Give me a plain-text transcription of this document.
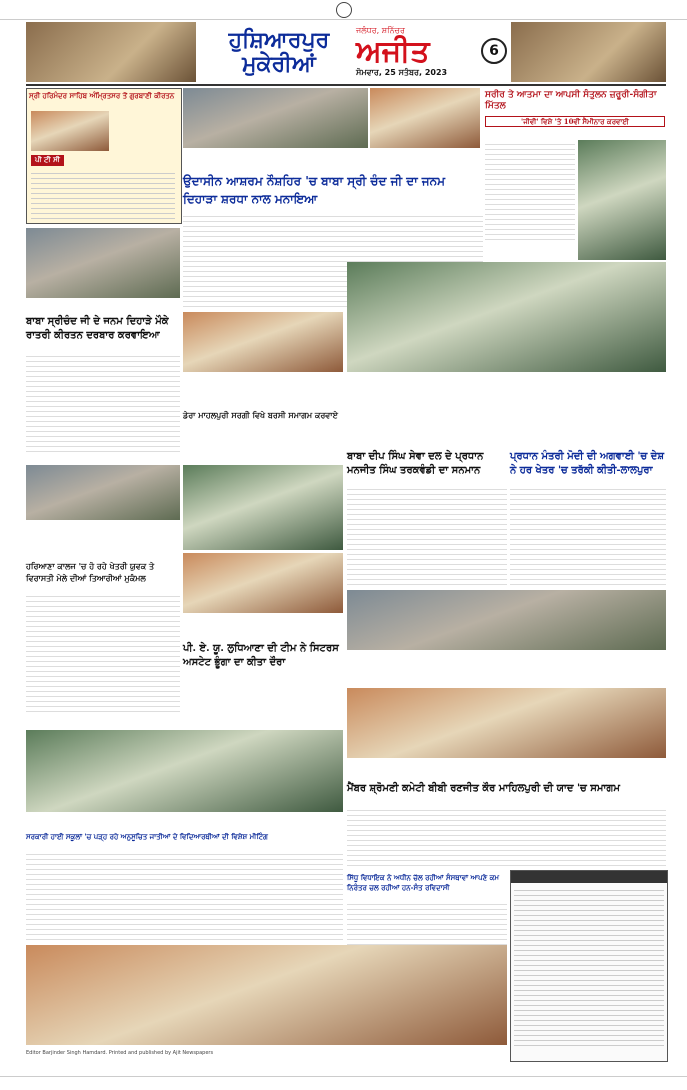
ਹੁਸ਼ਿਆਰਪੁਰ
ਮੁਕੇਰੀਆਂ
ਜਲੰਧਰ, ਸ਼ਨਿੱਚਰ
ਅਜੀਤ
ਸੋਮਵਾਰ, 25 ਸਤੰਬਰ, 2023
6
ਸ੍ਰੀ ਹਰਿਮੰਦਰ ਸਾਹਿਬ ਅੰਮ੍ਰਿਤਸਰ ਤੋਂ ਗੁਰਬਾਣੀ ਕੀਰਤਨ
ਪੀ ਟੀ ਸੀ
ਸਰੀਰ ਤੇ ਆਤਮਾ ਦਾ ਆਪਸੀ ਸੰਤੁਲਨ ਜ਼ਰੂਰੀ-ਸੰਗੀਤਾ ਮਿੱਤਲ
'ਜੀਵੀ' ਵਿਸ਼ੇ 'ਤੇ 10ਵੀਂ ਸੈਮੀਨਾਰ ਕਰਵਾਈ
ਉਦਾਸੀਨ ਆਸ਼ਰਮ ਨੌਸ਼ਹਿਰ 'ਚ ਬਾਬਾ ਸ੍ਰੀ ਚੰਦ ਜੀ ਦਾ ਜਨਮ ਦਿਹਾੜਾ ਸ਼ਰਧਾ ਨਾਲ ਮਨਾਇਆ
ਬਾਬਾ ਸ੍ਰੀਚੰਦ ਜੀ ਦੇ ਜਨਮ ਦਿਹਾੜੇ ਮੌਕੇ ਰਾਤਰੀ ਕੀਰਤਨ ਦਰਬਾਰ ਕਰਵਾਇਆ
ਡੇਰਾ ਮਾਹਲਪੁਰੀ ਸਰਗੀ ਵਿਖੇ ਬਰਸੀ ਸਮਾਗਮ ਕਰਵਾਏ
ਬਾਬਾ ਦੀਪ ਸਿੰਘ ਸੇਵਾ ਦਲ ਦੇ ਪ੍ਰਧਾਨ ਮਨਜੀਤ ਸਿੰਘ ਤਰਕਵੰਡੀ ਦਾ ਸਨਮਾਨ
ਪ੍ਰਧਾਨ ਮੰਤਰੀ ਮੋਦੀ ਦੀ ਅਗਵਾਈ 'ਚ ਦੇਸ਼ ਨੇ ਹਰ ਖੇਤਰ 'ਚ ਤਰੱਕੀ ਕੀਤੀ-ਲਾਲਪੁਰਾ
ਹਰਿਆਣਾ ਕਾਲਜ 'ਚ ਹੋ ਰਹੇ ਖੇਤਰੀ ਯੁਵਕ ਤੇ ਵਿਰਾਸਤੀ ਮੇਲੇ ਦੀਆਂ ਤਿਆਰੀਆਂ ਮੁਕੰਮਲ
ਪੀ. ਏ. ਯੂ. ਲੁਧਿਆਣਾ ਦੀ ਟੀਮ ਨੇ ਸਿਟਰਸ ਅਸਟੇਟ ਭੂੰਗਾ ਦਾ ਕੀਤਾ ਦੌਰਾ
ਮੈਂਬਰ ਸ਼੍ਰੋਮਣੀ ਕਮੇਟੀ ਬੀਬੀ ਰਣਜੀਤ ਕੌਰ ਮਾਹਿਲਪੁਰੀ ਦੀ ਯਾਦ 'ਚ ਸਮਾਗਮ
ਸਰਕਾਰੀ ਹਾਈ ਸਕੂਲਾਂ 'ਚ ਪੜ੍ਹ ਰਹੇ ਅਨੁਸੂਚਿਤ ਜਾਤੀਆਂ ਦੇ ਵਿਦਿਆਰਥੀਆਂ ਦੀ ਵਿਸ਼ੇਸ਼ ਮੀਟਿੰਗ
ਸਿੱਧੂ ਵਿਧਾਇਕ ਨੇ ਅਧੀਨ ਚੱਲ ਰਹੀਆਂ ਸੰਸਥਾਵਾਂ ਆਪਣੇ ਕਮ ਨਿਰੰਤਰ ਚਲ ਰਹੀਆਂ ਹਨ-ਸੰਤ ਰਵਿਦਾਸੀ
Editor Barjinder Singh Hamdard. Printed and published by Ajit Newspapers
